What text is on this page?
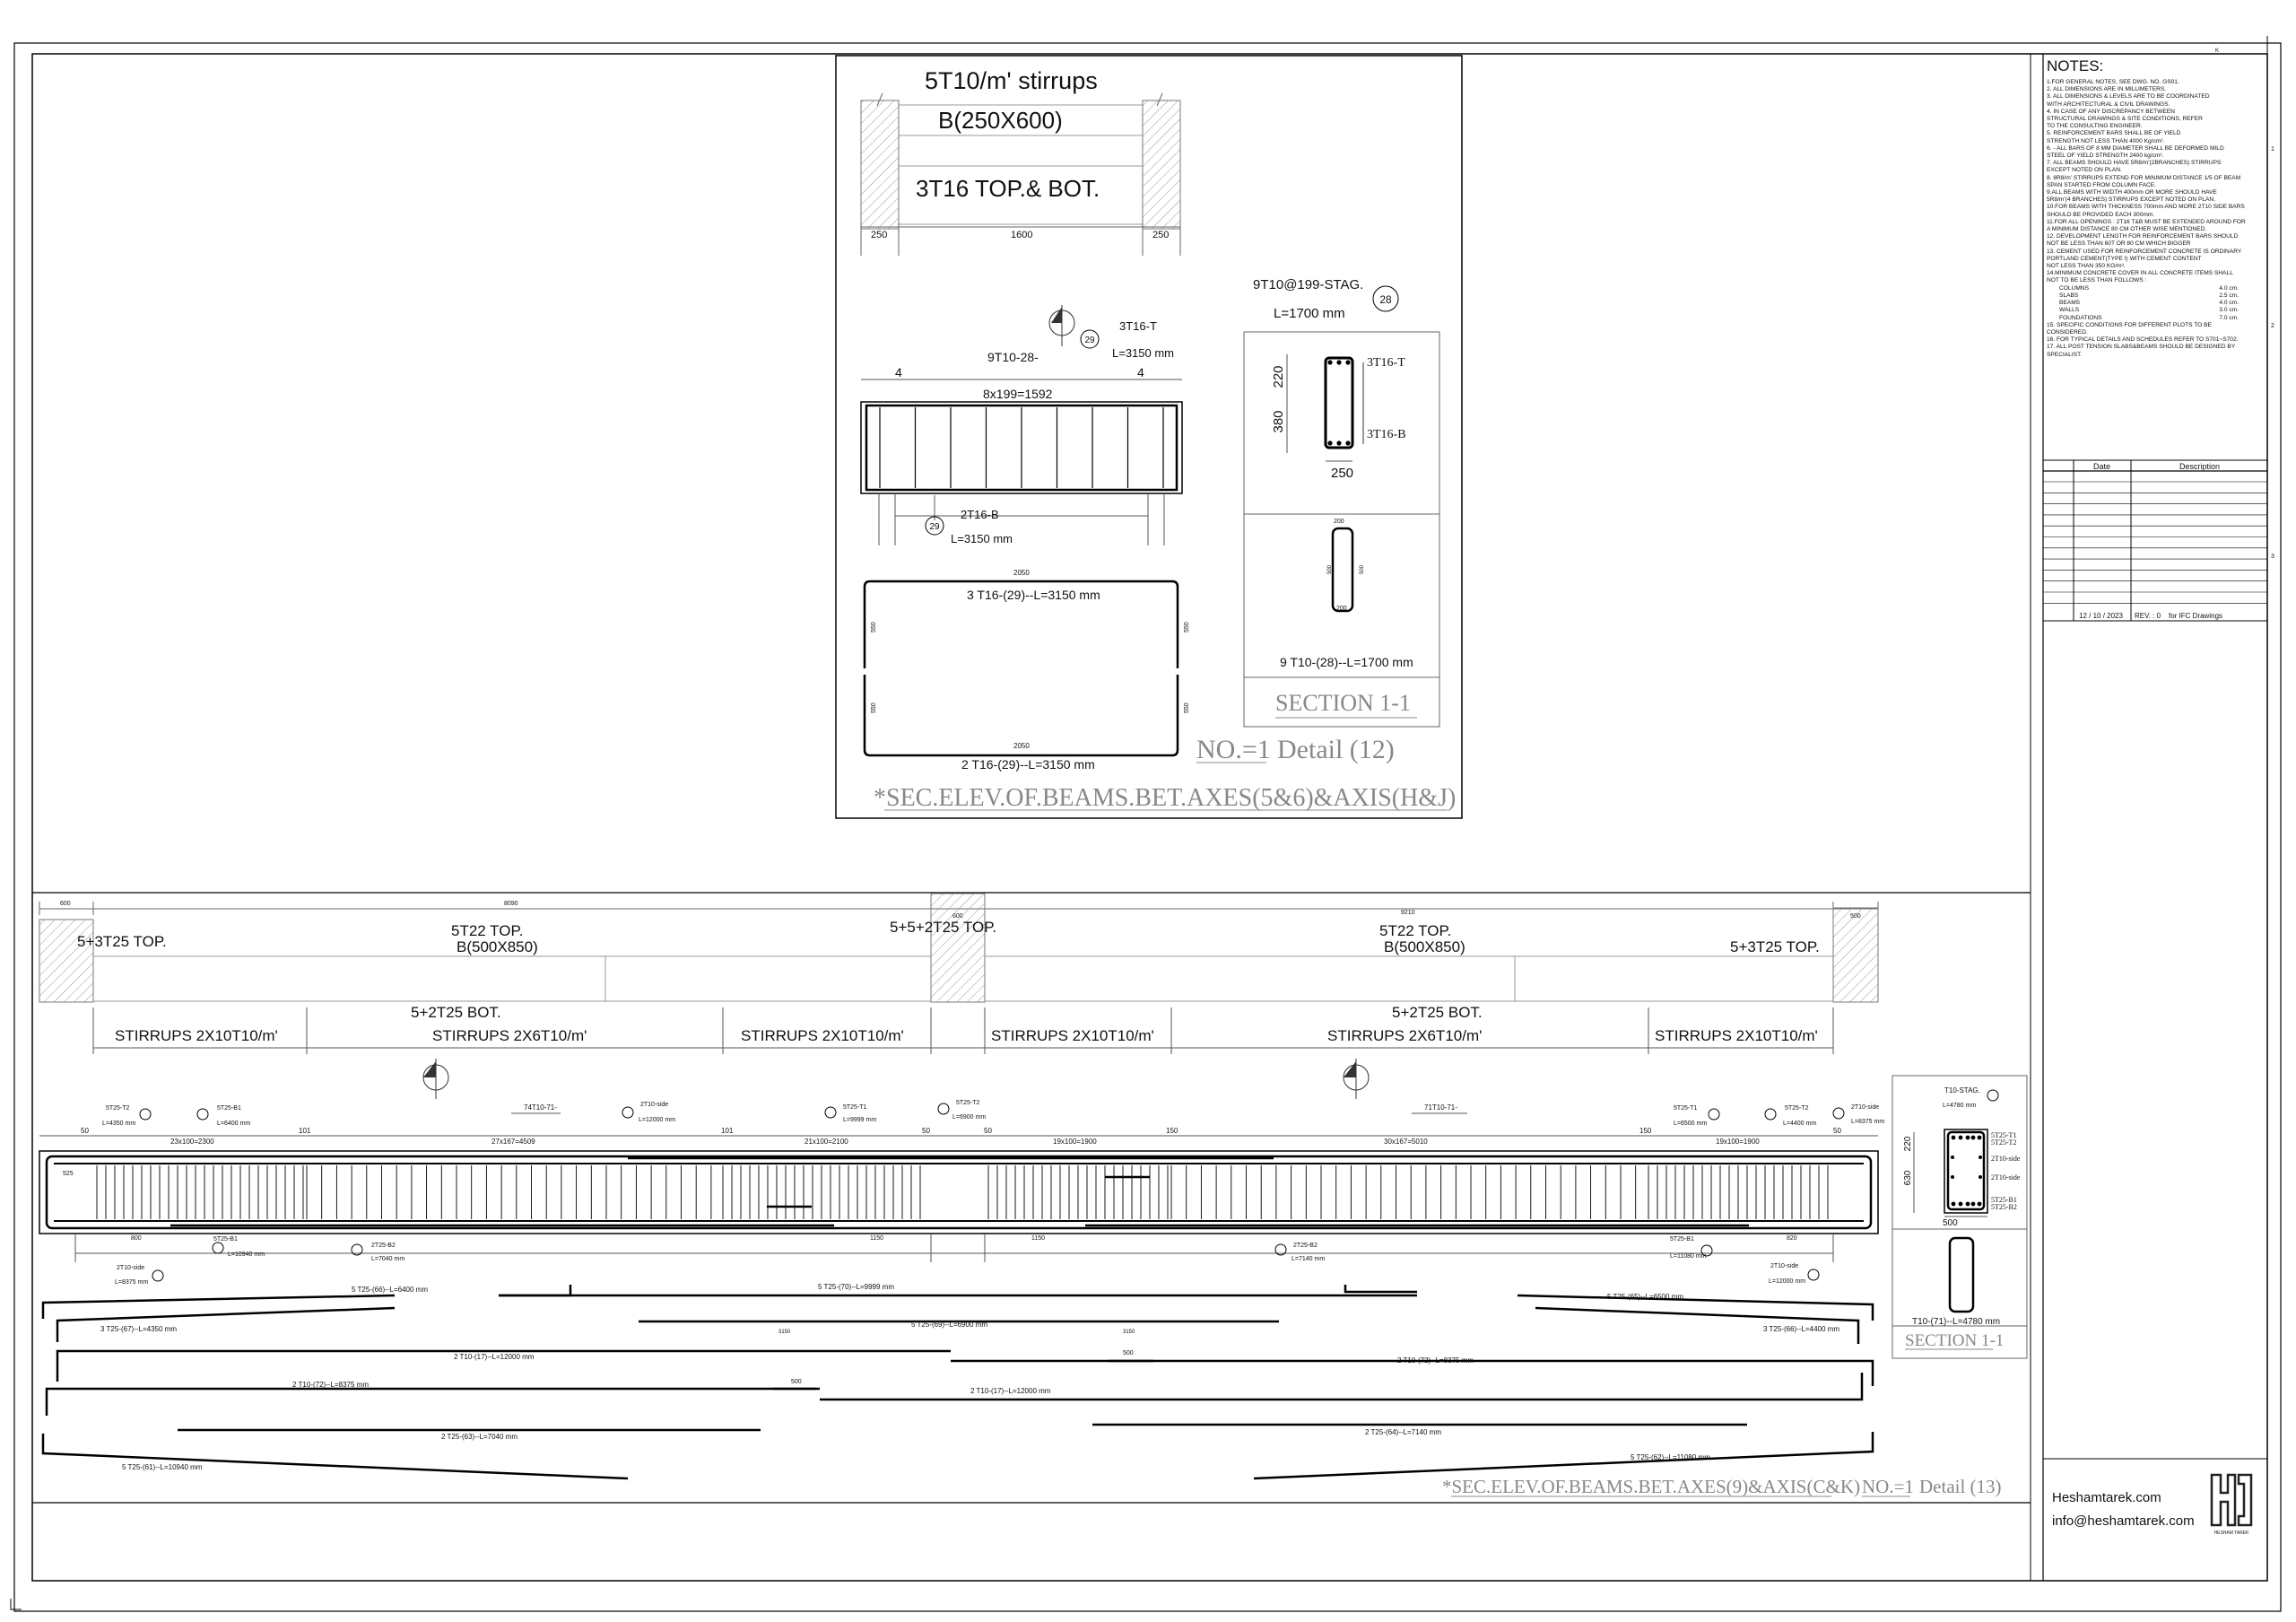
K
1
2
3
5T10/m' stirrups
B(250X600)
3T16 TOP.& BOT.
250	1600	250
3T16-T
29
L=3150 mm
9T10-28-
4	4
8x199=1592
29
2T16-B
L=3150 mm
2050
3 T16-(29)--L=3150 mm
550	550
550	550
2050
2 T16-(29)--L=3150 mm
9T10@199-STAG.
28
L=1700 mm
220
380
3T16-T
3T16-B
250
200
500	500
200
9 T10-(28)--L=1700 mm
SECTION 1-1
NO.=1 Detail (12)
*SEC.ELEV.OF.BEAMS.BET.AXES(5&6)&AXIS(H&J)
600	8090
9210
5+3T25 TOP.
5T22 TOP.
B(500X850)
5+5+2T25 TOP.	5T22 TOP.
B(500X850)	5+3T25 TOP.
5+2T25 BOT.	5+2T25 BOT.
STIRRUPS 2X10T10/m'	STIRRUPS 2X6T10/m'	STIRRUPS 2X10T10/m'	STIRRUPS 2X10T10/m'	STIRRUPS 2X6T10/m'	STIRRUPS 2X10T10/m'
5T25-T2
L=4350 mm
5T25-B1
L=6400 mm
74T10-71-	2T10-side
L=12000 mm
5T25-T1
L=9999 mm
5T25-T2
L=6900 mm
71T10-71-	5T25-T1
L=6500 mm
5T25-T2
L=4400 mm
2T10-side
L=8375 mm
50
23x100=2300
101
27x167=4509
101
21x100=2100
50	50
19x100=1900
150
30x167=5010
150
19x100=1900
50
525
800	1150	1150	820
5T25-B1
L=10940 mm
2T25-B2
L=7040 mm
2T10-side
L=8375 mm
2T25-B2
L=7140 mm
5T25-B1
L=11080 mm
2T10-side
L=12000 mm
5 T25-(66)--L=6400 mm	5 T25-(70)--L=9999 mm
5 T25-(65)--L=6500 mm
3 T25-(67)--L=4350 mm
5 T25-(69)--L=6900 mm
3150	3150	3 T25-(66)--L=4400 mm
2 T10-(17)--L=12000 mm	500
2 T10-(72)--L=8375 mm
2 T10-(72)--L=8375 mm	500
2 T10-(17)--L=12000 mm
2 T25-(63)--L=7040 mm
2 T25-(64)--L=7140 mm
5 T25-(61)--L=10940 mm
5 T25-(62)--L=11080 mm
T10-STAG.
L=4780 mm
220
630
500
5T25-T1
5T25-T2
2T10-side
2T10-side
5T25-B1
5T25-B2
T10-(71)--L=4780 mm
SECTION 1-1
*SEC.ELEV.OF.BEAMS.BET.AXES(9)&AXIS(C&K) NO.=1 Detail (13)
Date	Description
12 / 10 / 2023 REV. : 0 for IFC Drawings
NOTES:
1.FOR GENERAL NOTES, SEE DWG. NO. GS01.
2. ALL DIMENSIONS ARE IN MILLIMETERS.
3. ALL DIMENSIONS & LEVELS ARE TO BE COORDINATED
WITH ARCHITECTURAL & CIVIL DRAWINGS.
4. IN CASE OF ANY DISCREPANCY BETWEEN
STRUCTURAL DRAWINGS & SITE CONDITIONS, REFER
TO THE CONSULTING ENGINEER.
5. REINFORCEMENT BARS SHALL BE OF YIELD
STRENGTH NOT LESS THAN 4000 Kg/cm².
6. - ALL BARS OF 8 MM DIAMETER SHALL BE DEFORMED MILD
STEEL OF YIELD STRENGTH 2400 kg/cm².
7. ALL BEAMS SHOULD HAVE 5R8/m'(2BRANCHES) STIRRUPS
EXCEPT NOTED ON PLAN.
8. 8R8/m' STIRRUPS EXTEND FOR MINIMUM DISTANCE 1/5 OF BEAM
SPAN STARTED FROM COLUMN FACE.
9.ALL BEAMS WITH WIDTH 400mm OR MORE SHOULD HAVE
5R8/m'(4 BRANCHES) STIRRUPS EXCEPT NOTED ON PLAN.
10.FOR BEAMS WITH THICKNESS 700mm AND MORE 2T10 SIDE BARS
SHOULD BE PROVIDED EACH 300mm.
11.FOR ALL OPENINGS : 2T16 T&B MUST BE EXTENDED AROUND FOR
A MINIMUM DISTANCE 80 CM OTHER WISE MENTIONED.
12. DEVELOPMENT LENGTH FOR REINFORCEMENT BARS SHOULD
NOT BE LESS THAN 60T OR 80 CM WHICH BIGGER
13. CEMENT USED FOR REINFORCEMENT CONCRETE IS ORDINARY
PORTLAND CEMENT(TYPE I) WITH CEMENT CONTENT
NOT LESS THAN 350 KG/m³.
14.MINIMUM CONCRETE COVER IN ALL CONCRETE ITEMS SHALL
NOT TO BE LESS THAN FOLLOWS :
COLUMNS	4.0 cm.
SLABS	2.5 cm.
BEAMS	4.0 cm.
WALLS	3.0 cm.
FOUNDATIONS	7.0 cm.
15. SPECIFIC CONDITIONS FOR DIFFERENT PLOTS TO BE
CONSIDERED.
16. FOR TYPICAL DETAILS AND SCHEDULES REFER TO S701~S702.
17. ALL POST TENSION SLABS&BEAMS SHOULD BE DESIGNED BY
SPECIALIST.
Heshamtarek.com
info@heshamtarek.com
HESHAM TAREK
